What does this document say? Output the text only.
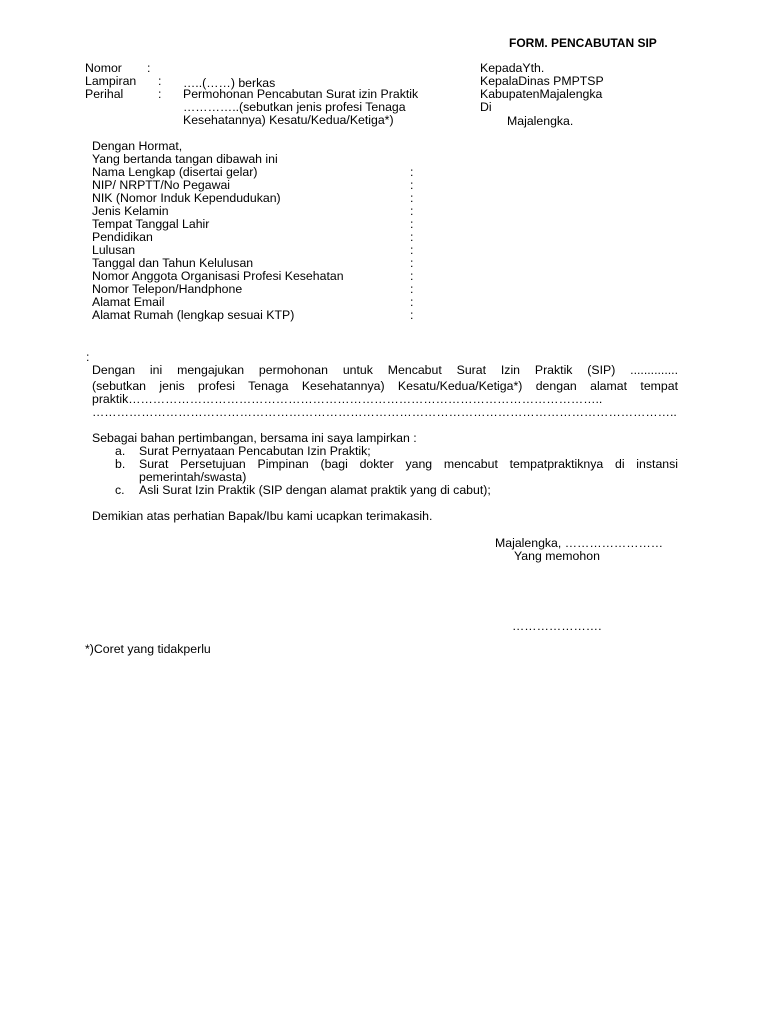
FORM. PENCABUTAN SIP
Nomor :
Lampiran : …..(……) berkas
Perihal	: Permohonan Pencabutan Surat izin Praktik
…………..(sebutkan jenis profesi Tenaga
Kesehatannya) Kesatu/Kedua/Ketiga*)
KepadaYth.
KepalaDinas PMPTSP
KabupatenMajalengka
Di
Majalengka.
Dengan Hormat,
Yang bertanda tangan dibawah ini
Nama Lengkap (disertai gelar)	:
NIP/ NRPTT/No Pegawai	:
NIK (Nomor Induk Kependudukan)	:
Jenis Kelamin	:
Tempat Tanggal Lahir	:
Pendidikan	:
Lulusan	:
Tanggal dan Tahun Kelulusan	:
Nomor Anggota Organisasi Profesi Kesehatan	:
Nomor Telepon/Handphone	:
Alamat Email	:
Alamat Rumah (lengkap sesuai KTP)	:
:
Dengan ini mengajukan permohonan untuk Mencabut Surat Izin Praktik (SIP) ..............
(sebutkan jenis profesi Tenaga Kesehatannya) Kesatu/Kedua/Ketiga*) dengan alamat tempat
praktik……………………………………………………………………………………………………..
……………………………………………………………………………………………………………………………..
Sebagai bahan pertimbangan, bersama ini saya lampirkan :
a. Surat Pernyataan Pencabutan Izin Praktik;
b. Surat Persetujuan Pimpinan (bagi dokter yang mencabut tempatpraktiknya di instansi
pemerintah/swasta)
c. Asli Surat Izin Praktik (SIP dengan alamat praktik yang di cabut);
Demikian atas perhatian Bapak/Ibu kami ucapkan terimakasih.
Majalengka, ……………………
Yang memohon
………………….
*)Coret yang tidakperlu
